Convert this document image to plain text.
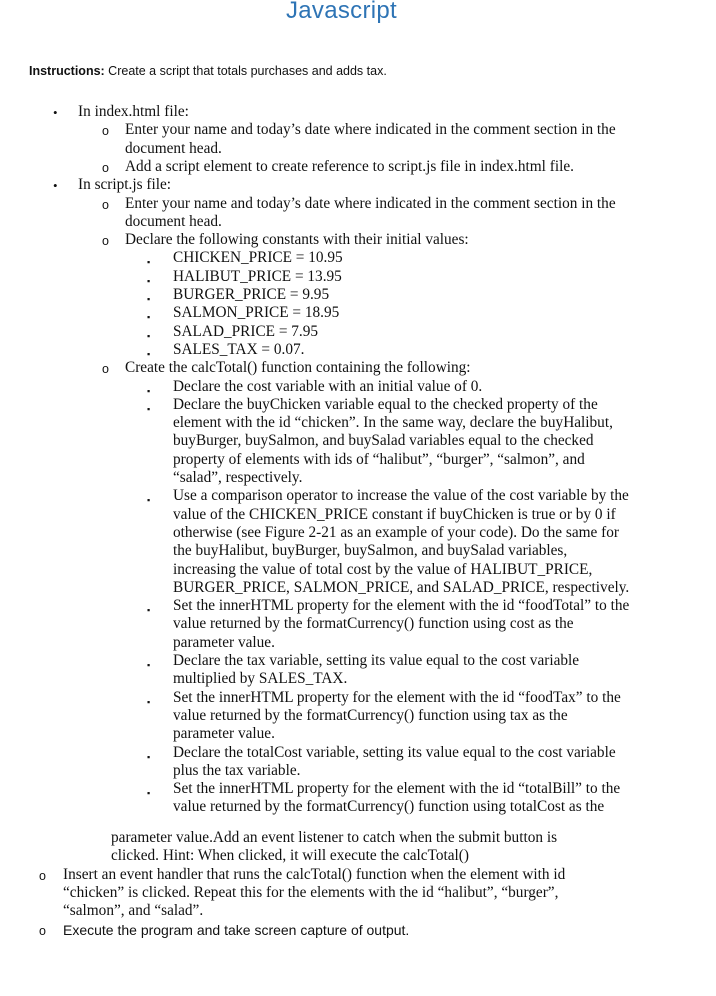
Javascript
Instructions: Create a script that totals purchases and adds tax.
• In index.html file:
o Enter your name and today’s date where indicated in the comment section in the
document head.
o Add a script element to create reference to script.js file in index.html file.
• In script.js file:
o Enter your name and today’s date where indicated in the comment section in the
document head.
o Declare the following constants with their initial values:
▪ CHICKEN_PRICE = 10.95
▪ HALIBUT_PRICE = 13.95
▪ BURGER_PRICE = 9.95
▪ SALMON_PRICE = 18.95
▪ SALAD_PRICE = 7.95
▪ SALES_TAX = 0.07.
o Create the calcTotal() function containing the following:
▪ Declare the cost variable with an initial value of 0.
▪ Declare the buyChicken variable equal to the checked property of the
element with the id “chicken”. In the same way, declare the buyHalibut,
buyBurger, buySalmon, and buySalad variables equal to the checked
property of elements with ids of “halibut”, “burger”, “salmon”, and
“salad”, respectively.
▪ Use a comparison operator to increase the value of the cost variable by the
value of the CHICKEN_PRICE constant if buyChicken is true or by 0 if
otherwise (see Figure 2-21 as an example of your code). Do the same for
the buyHalibut, buyBurger, buySalmon, and buySalad variables,
increasing the value of total cost by the value of HALIBUT_PRICE,
BURGER_PRICE, SALMON_PRICE, and SALAD_PRICE, respectively.
▪ Set the innerHTML property for the element with the id “foodTotal” to the
value returned by the formatCurrency() function using cost as the
parameter value.
▪ Declare the tax variable, setting its value equal to the cost variable
multiplied by SALES_TAX.
▪ Set the innerHTML property for the element with the id “foodTax” to the
value returned by the formatCurrency() function using tax as the
parameter value.
▪ Declare the totalCost variable, setting its value equal to the cost variable
plus the tax variable.
▪ Set the innerHTML property for the element with the id “totalBill” to the
value returned by the formatCurrency() function using totalCost as the
parameter value.Add an event listener to catch when the submit button is
clicked. Hint: When clicked, it will execute the calcTotal()
o Insert an event handler that runs the calcTotal() function when the element with id
“chicken” is clicked. Repeat this for the elements with the id “halibut”, “burger”,
“salmon”, and “salad”.
o Execute the program and take screen capture of output.
